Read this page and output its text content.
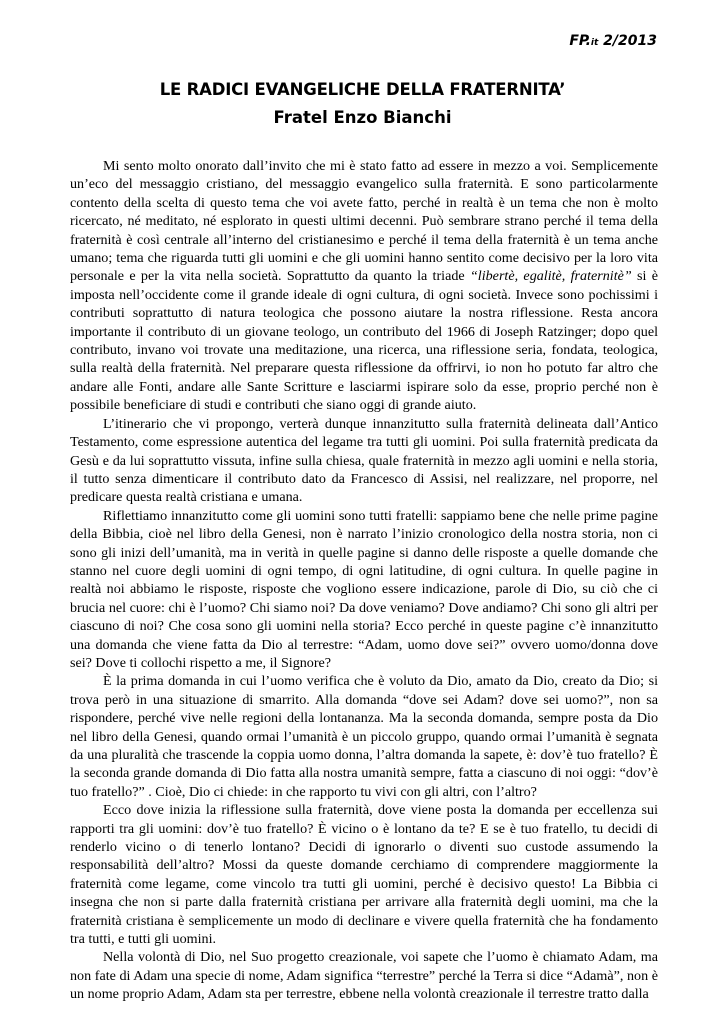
FP.it 2/2013
LE RADICI EVANGELICHE DELLA FRATERNITA’
Fratel Enzo Bianchi

Mi sento molto onorato dall’invito che mi è stato fatto ad essere in mezzo a voi. Semplicemente un’eco del messaggio cristiano, del messaggio evangelico sulla fraternità. E sono particolarmente contento della scelta di questo tema che voi avete fatto, perché in realtà è un tema che non è molto ricercato, né meditato, né esplorato in questi ultimi decenni. Può sembrare strano perché il tema della fraternità è così centrale all’interno del cristianesimo e perché il tema della fraternità è un tema anche umano; tema che riguarda tutti gli uomini e che gli uomini hanno sentito come decisivo per la loro vita personale e per la vita nella società. Soprattutto da quanto la triade “libertè, egalitè, fraternitè” si è imposta nell’occidente come il grande ideale di ogni cultura, di ogni società. Invece sono pochissimi i contributi soprattutto di natura teologica che possono aiutare la nostra riflessione. Resta ancora importante il contributo di un giovane teologo, un contributo del 1966 di Joseph Ratzinger; dopo quel contributo, invano voi trovate una meditazione, una ricerca, una riflessione seria, fondata, teologica, sulla realtà della fraternità. Nel preparare questa riflessione da offrirvi, io non ho potuto far altro che andare alle Fonti, andare alle Sante Scritture e lasciarmi ispirare solo da esse, proprio perché non è possibile beneficiare di studi e contributi che siano oggi di grande aiuto.

L’itinerario che vi propongo, verterà dunque innanzitutto sulla fraternità delineata dall’Antico Testamento, come espressione autentica del legame tra tutti gli uomini. Poi sulla fraternità predicata da Gesù e da lui soprattutto vissuta, infine sulla chiesa, quale fraternità in mezzo agli uomini e nella storia, il tutto senza dimenticare il contributo dato da Francesco di Assisi, nel realizzare, nel proporre, nel predicare questa realtà cristiana e umana.

Riflettiamo innanzitutto come gli uomini sono tutti fratelli: sappiamo bene che nelle prime pagine della Bibbia, cioè nel libro della Genesi, non è narrato l’inizio cronologico della nostra storia, non ci sono gli inizi dell’umanità, ma in verità in quelle pagine si danno delle risposte a quelle domande che stanno nel cuore degli uomini di ogni tempo, di ogni latitudine, di ogni cultura. In quelle pagine in realtà noi abbiamo le risposte, risposte che vogliono essere indicazione, parole di Dio, su ciò che ci brucia nel cuore: chi è l’uomo? Chi siamo noi? Da dove veniamo? Dove andiamo? Chi sono gli altri per ciascuno di noi? Che cosa sono gli uomini nella storia? Ecco perché in queste pagine c’è innanzitutto una domanda che viene fatta da Dio al terrestre: “Adam, uomo dove sei?” ovvero uomo/donna dove sei? Dove ti collochi rispetto a me, il Signore?

È la prima domanda in cui l’uomo verifica che è voluto da Dio, amato da Dio, creato da Dio; si trova però in una situazione di smarrito. Alla domanda “dove sei Adam? dove sei uomo?”, non sa rispondere, perché vive nelle regioni della lontananza. Ma la seconda domanda, sempre posta da Dio nel libro della Genesi, quando ormai l’umanità è un piccolo gruppo, quando ormai l’umanità è segnata da una pluralità che trascende la coppia uomo donna, l’altra domanda la sapete, è: dov’è tuo fratello? È la seconda grande domanda di Dio fatta alla nostra umanità sempre, fatta a ciascuno di noi oggi: “dov’è tuo fratello?” . Cioè, Dio ci chiede: in che rapporto tu vivi con gli altri, con l’altro?

Ecco dove inizia la riflessione sulla fraternità, dove viene posta la domanda per eccellenza sui rapporti tra gli uomini: dov’è tuo fratello? È vicino o è lontano da te? E se è tuo fratello, tu decidi di renderlo vicino o di tenerlo lontano? Decidi di ignorarlo o diventi suo custode assumendo la responsabilità dell’altro? Mossi da queste domande cerchiamo di comprendere maggiormente la fraternità come legame, come vincolo tra tutti gli uomini, perché è decisivo questo! La Bibbia ci insegna che non si parte dalla fraternità cristiana per arrivare alla fraternità degli uomini, ma che la fraternità cristiana è semplicemente un modo di declinare e vivere quella fraternità che ha fondamento tra tutti, e tutti gli uomini.

Nella volontà di Dio, nel Suo progetto creazionale, voi sapete che l’uomo è chiamato Adam, ma non fate di Adam una specie di nome, Adam significa “terrestre” perché la Terra si dice “Adamà”, non è un nome proprio Adam, Adam sta per terrestre, ebbene nella volontà creazionale il terrestre tratto dalla
